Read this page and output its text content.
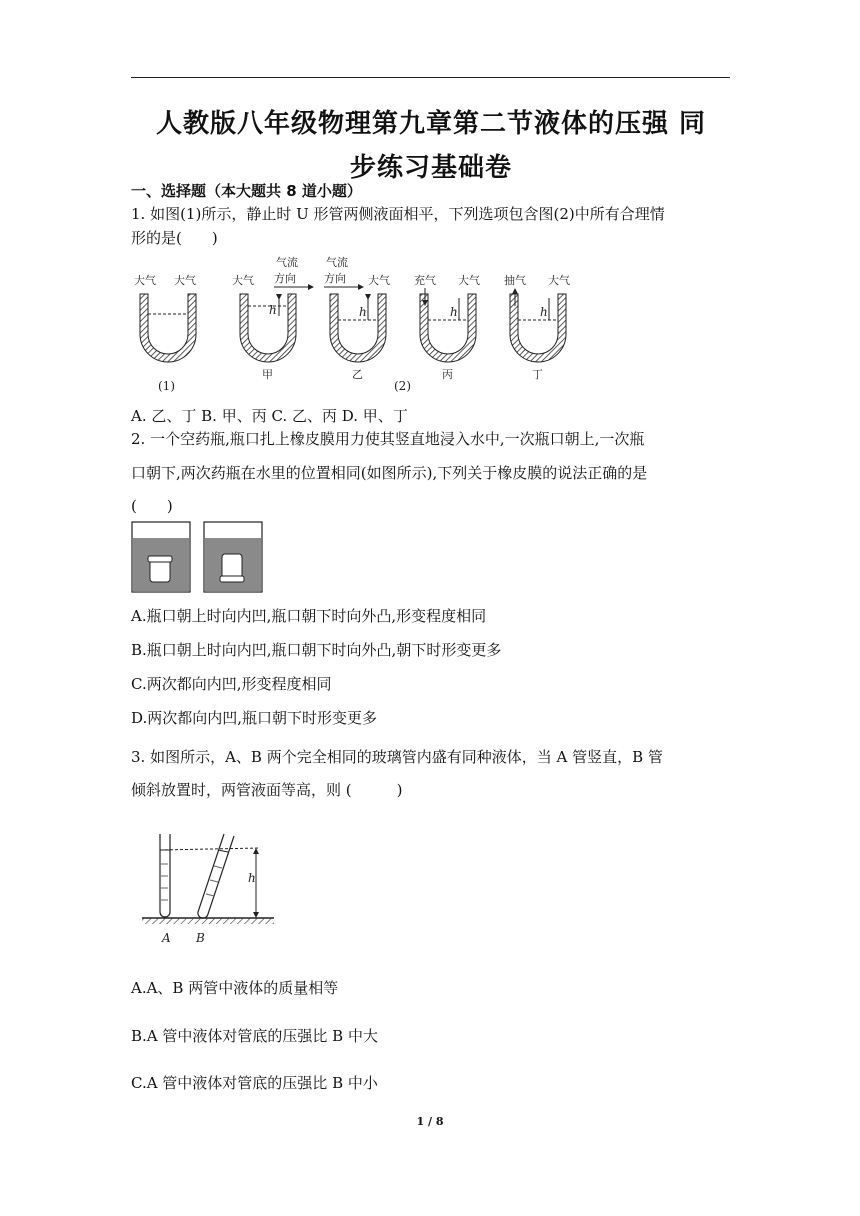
人教版八年级物理第九章第二节液体的压强 同
步练习基础卷
一、选择题（本大题共 8 道小题）
1. 如图(1)所示，静止时 U 形管两侧液面相平，下列选项包含图(2)中所有合理情
形的是(　　)
大气 大气
(1)
大气
气流
方向
h
甲
气流
方向 大气
h
乙
(2)
充气 大气
h
丙
抽气 大气
h
丁
A. 乙、丁 B. 甲、丙 C. 乙、丙 D. 甲、丁
2. 一个空药瓶,瓶口扎上橡皮膜用力使其竖直地浸入水中,一次瓶口朝上,一次瓶
口朝下,两次药瓶在水里的位置相同(如图所示),下列关于橡皮膜的说法正确的是
(　　)
A.瓶口朝上时向内凹,瓶口朝下时向外凸,形变程度相同
B.瓶口朝上时向内凹,瓶口朝下时向外凸,朝下时形变更多
C.两次都向内凹,形变程度相同
D.两次都向内凹,瓶口朝下时形变更多
3. 如图所示，A、B 两个完全相同的玻璃管内盛有同种液体，当 A 管竖直，B 管
倾斜放置时，两管液面等高，则 (　　　)
h
A B
A.A、B 两管中液体的质量相等
B.A 管中液体对管底的压强比 B 中大
C.A 管中液体对管底的压强比 B 中小
1 / 8
